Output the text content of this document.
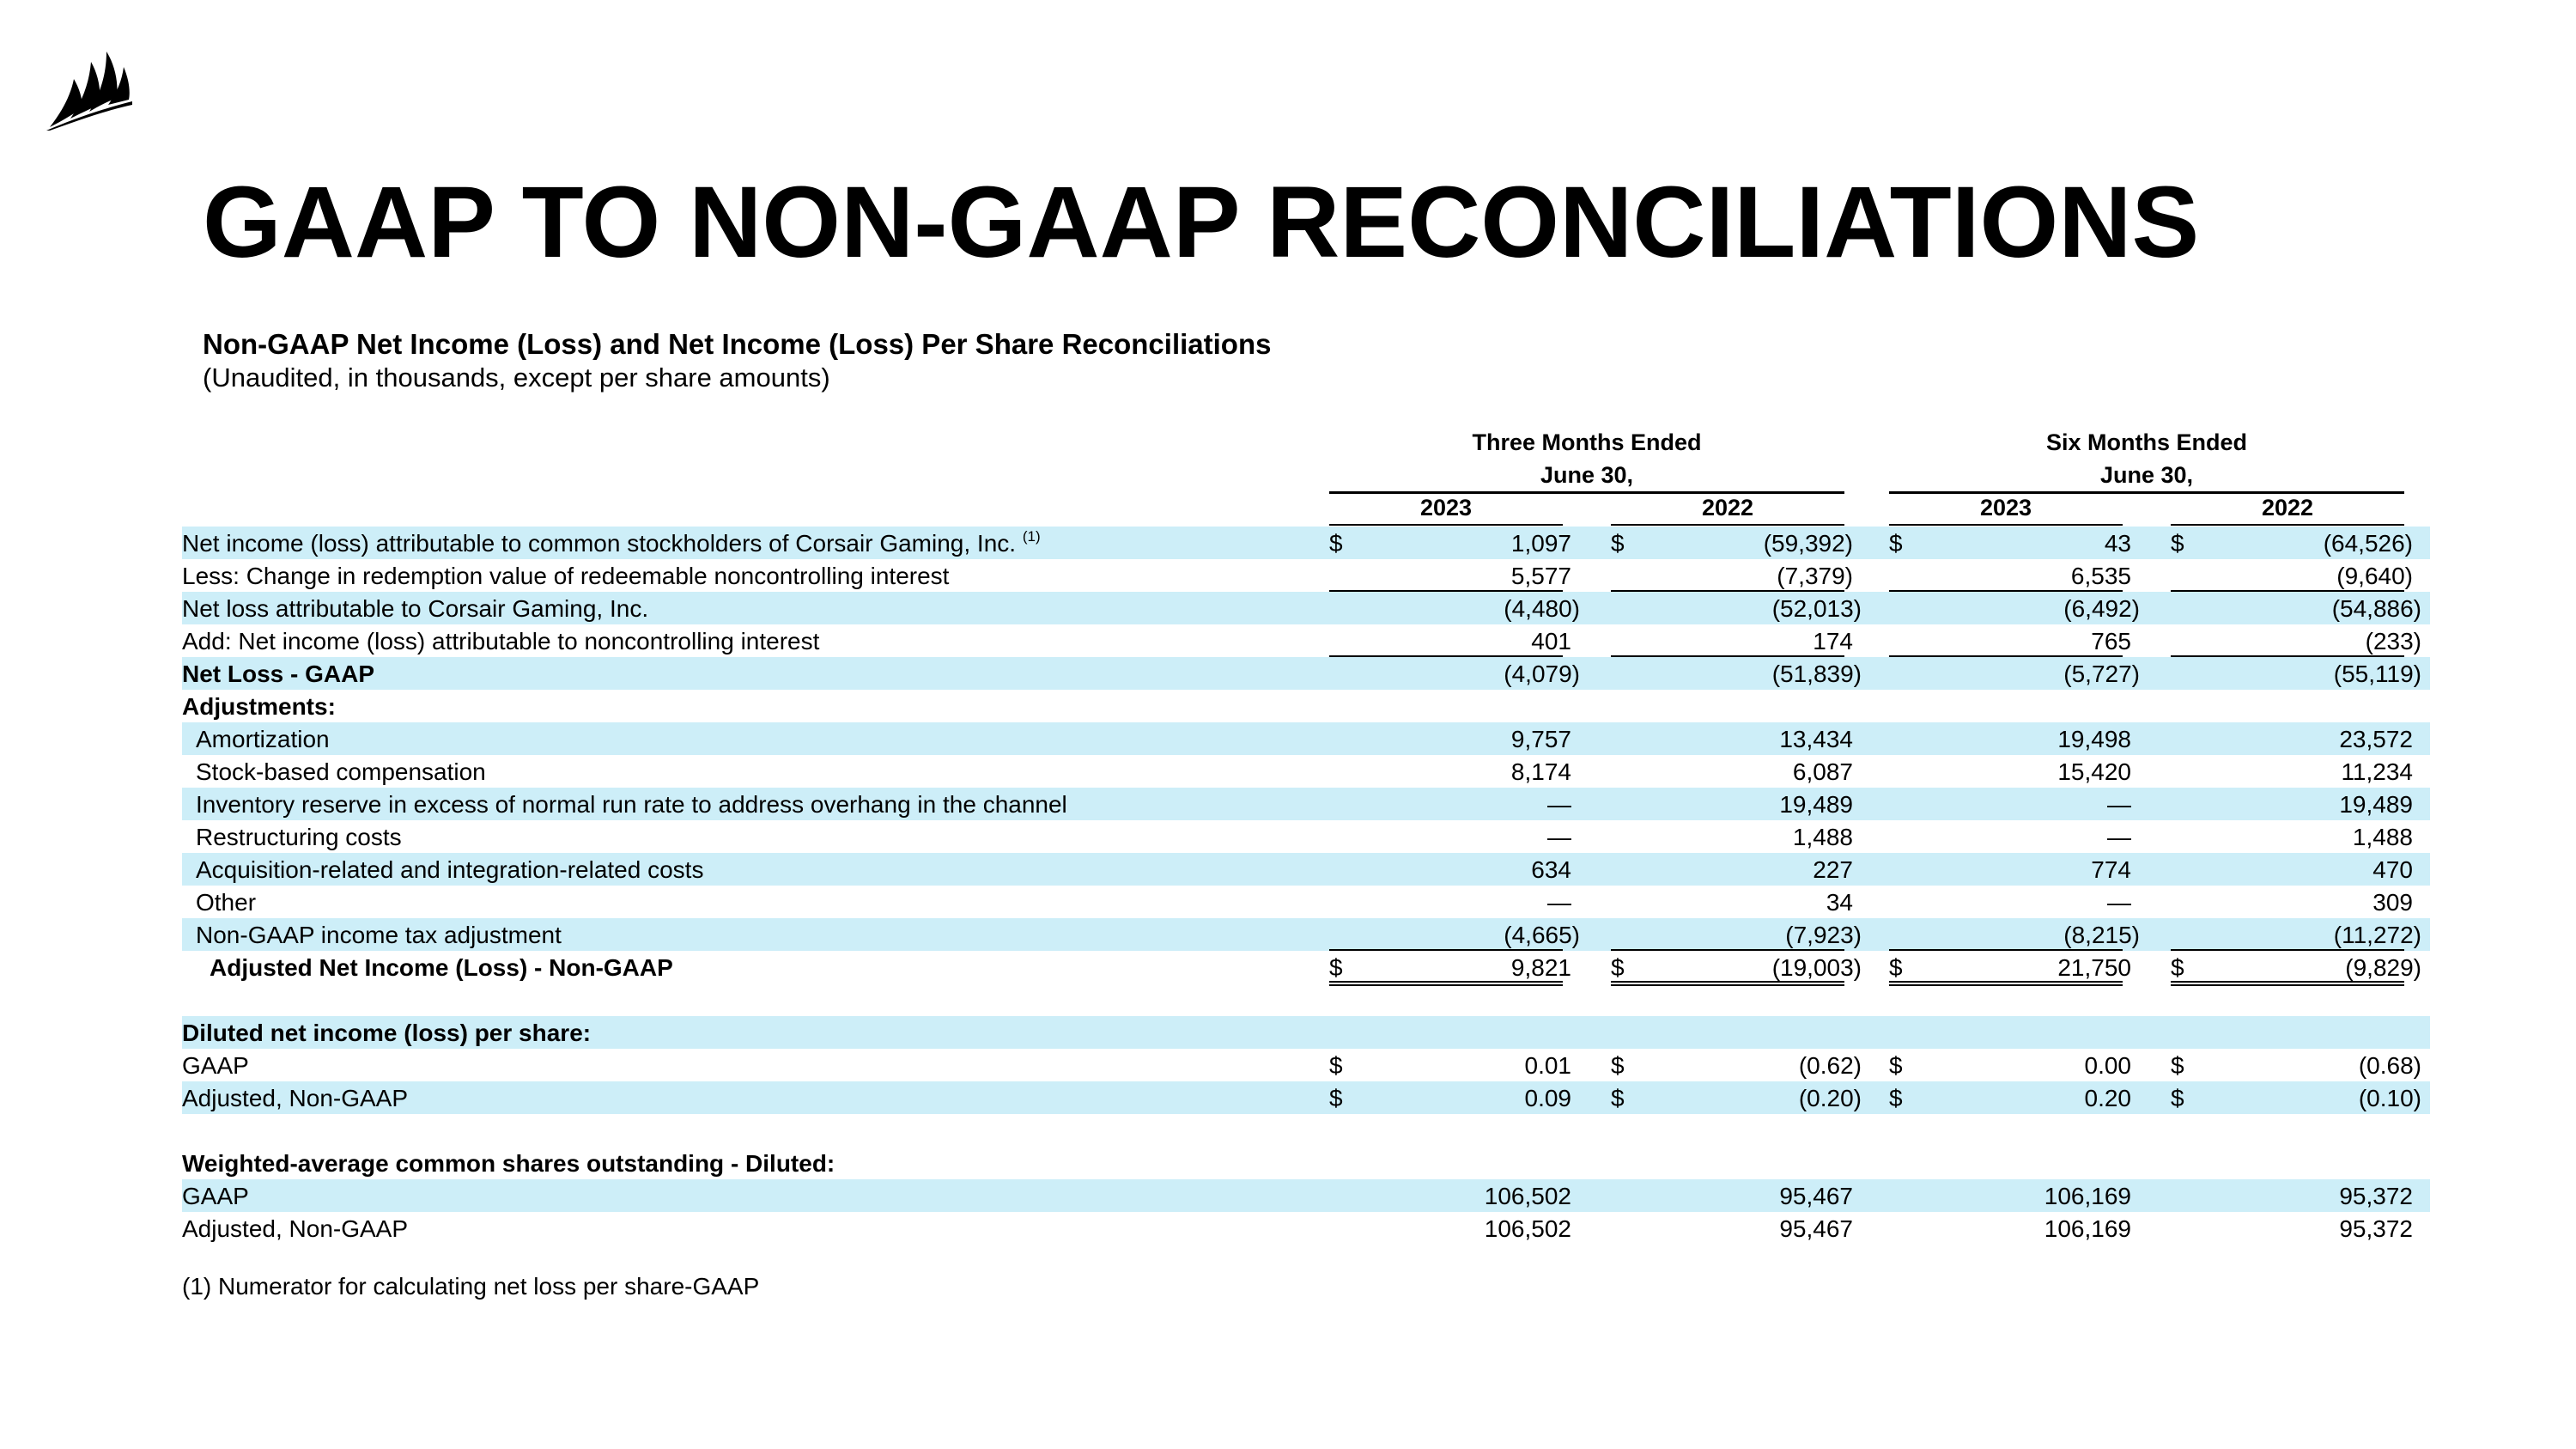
GAAP TO NON-GAAP RECONCILIATIONS
Non-GAAP Net Income (Loss) and Net Income (Loss) Per Share Reconciliations
(Unaudited, in thousands, except per share amounts)
Three Months Ended
June 30,
Six Months Ended
June 30,
2023	2022	2023	2022
Net income (loss) attributable to common stockholders of Corsair Gaming, Inc. $^{(1)}$	$	1,097 $	(59,392) $	43 $	(64,526)
Less: Change in redemption value of redeemable noncontrolling interest	5,577	(7,379)	6,535	(9,640)
Net loss attributable to Corsair Gaming, Inc.	(4,480)	(52,013)	(6,492)	(54,886)
Add: Net income (loss) attributable to noncontrolling interest	401	174	765	(233)
Net Loss - GAAP	(4,079)	(51,839)	(5,727)	(55,119)
Adjustments:
Amortization	9,757	13,434	19,498	23,572
Stock-based compensation	8,174	6,087	15,420	11,234
Inventory reserve in excess of normal run rate to address overhang in the channel	—	19,489	—	19,489
Restructuring costs	—	1,488	—	1,488
Acquisition-related and integration-related costs	634	227	774	470
Other	—	34	—	309
Non-GAAP income tax adjustment	(4,665)	(7,923)	(8,215)	(11,272)
Adjusted Net Income (Loss) - Non-GAAP	$	9,821 $	(19,003) $	21,750 $	(9,829)
Diluted net income (loss) per share:
GAAP	$	0.01 $	(0.62) $	0.00 $	(0.68)
Adjusted, Non-GAAP	$	0.09 $	(0.20) $	0.20 $	(0.10)
Weighted-average common shares outstanding - Diluted:
GAAP	106,502	95,467	106,169	95,372
Adjusted, Non-GAAP	106,502	95,467	106,169	95,372
(1) Numerator for calculating net loss per share-GAAP
